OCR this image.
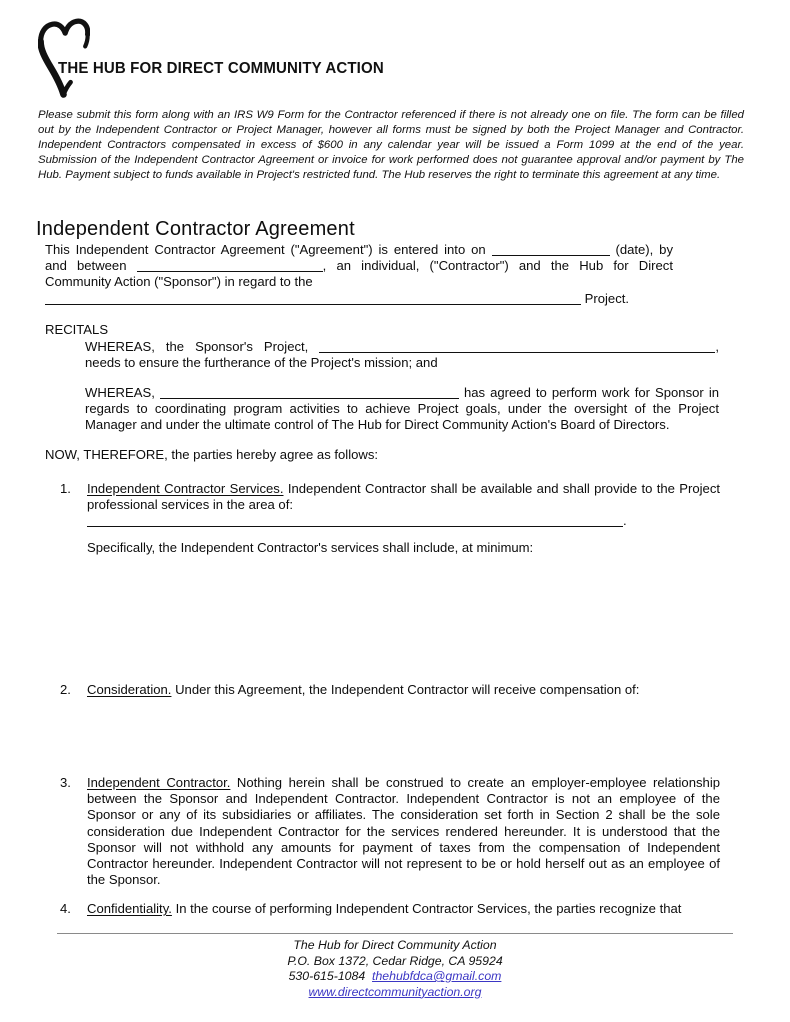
THE HUB FOR DIRECT COMMUNITY ACTION
Please submit this form along with an IRS W9 Form for the Contractor referenced if there is not already one on file. The form can be filled out by the Independent Contractor or Project Manager, however all forms must be signed by both the Project Manager and Contractor. Independent Contractors compensated in excess of $600 in any calendar year will be issued a Form 1099 at the end of the year. Submission of the Independent Contractor Agreement or invoice for work performed does not guarantee approval and/or payment by The Hub. Payment subject to funds available in Project's restricted fund. The Hub reserves the right to terminate this agreement at any time.
Independent Contractor Agreement
This Independent Contractor Agreement ("Agreement") is entered into on	(date), by and between	, an individual, ("Contractor") and the Hub for Direct Community Action ("Sponsor") in regard to the
Project.
RECITALS
WHEREAS, the Sponsor's Project,	, needs to ensure the furtherance of the Project's mission; and
WHEREAS,	has agreed to perform work for Sponsor in regards to coordinating program activities to achieve Project goals, under the oversight of the Project Manager and under the ultimate control of The Hub for Direct Community Action's Board of Directors.
NOW, THEREFORE, the parties hereby agree as follows:
1.	Independent Contractor Services. Independent Contractor shall be available and shall provide to the Project professional services in the area of:
.
Specifically, the Independent Contractor's services shall include, at minimum:
2.	Consideration. Under this Agreement, the Independent Contractor will receive compensation of:
3.	Independent Contractor. Nothing herein shall be construed to create an employer-employee relationship between the Sponsor and Independent Contractor. Independent Contractor is not an employee of the Sponsor or any of its subsidiaries or affiliates. The consideration set forth in Section 2 shall be the sole consideration due Independent Contractor for the services rendered hereunder. It is understood that the Sponsor will not withhold any amounts for payment of taxes from the compensation of Independent Contractor hereunder. Independent Contractor will not represent to be or hold herself out as an employee of the Sponsor.
4.	Confidentiality. In the course of performing Independent Contractor Services, the parties recognize that
The Hub for Direct Community Action
P.O. Box 1372, Cedar Ridge, CA 95924
530-615-1084 thehubfdca@gmail.com
www.directcommunityaction.org
